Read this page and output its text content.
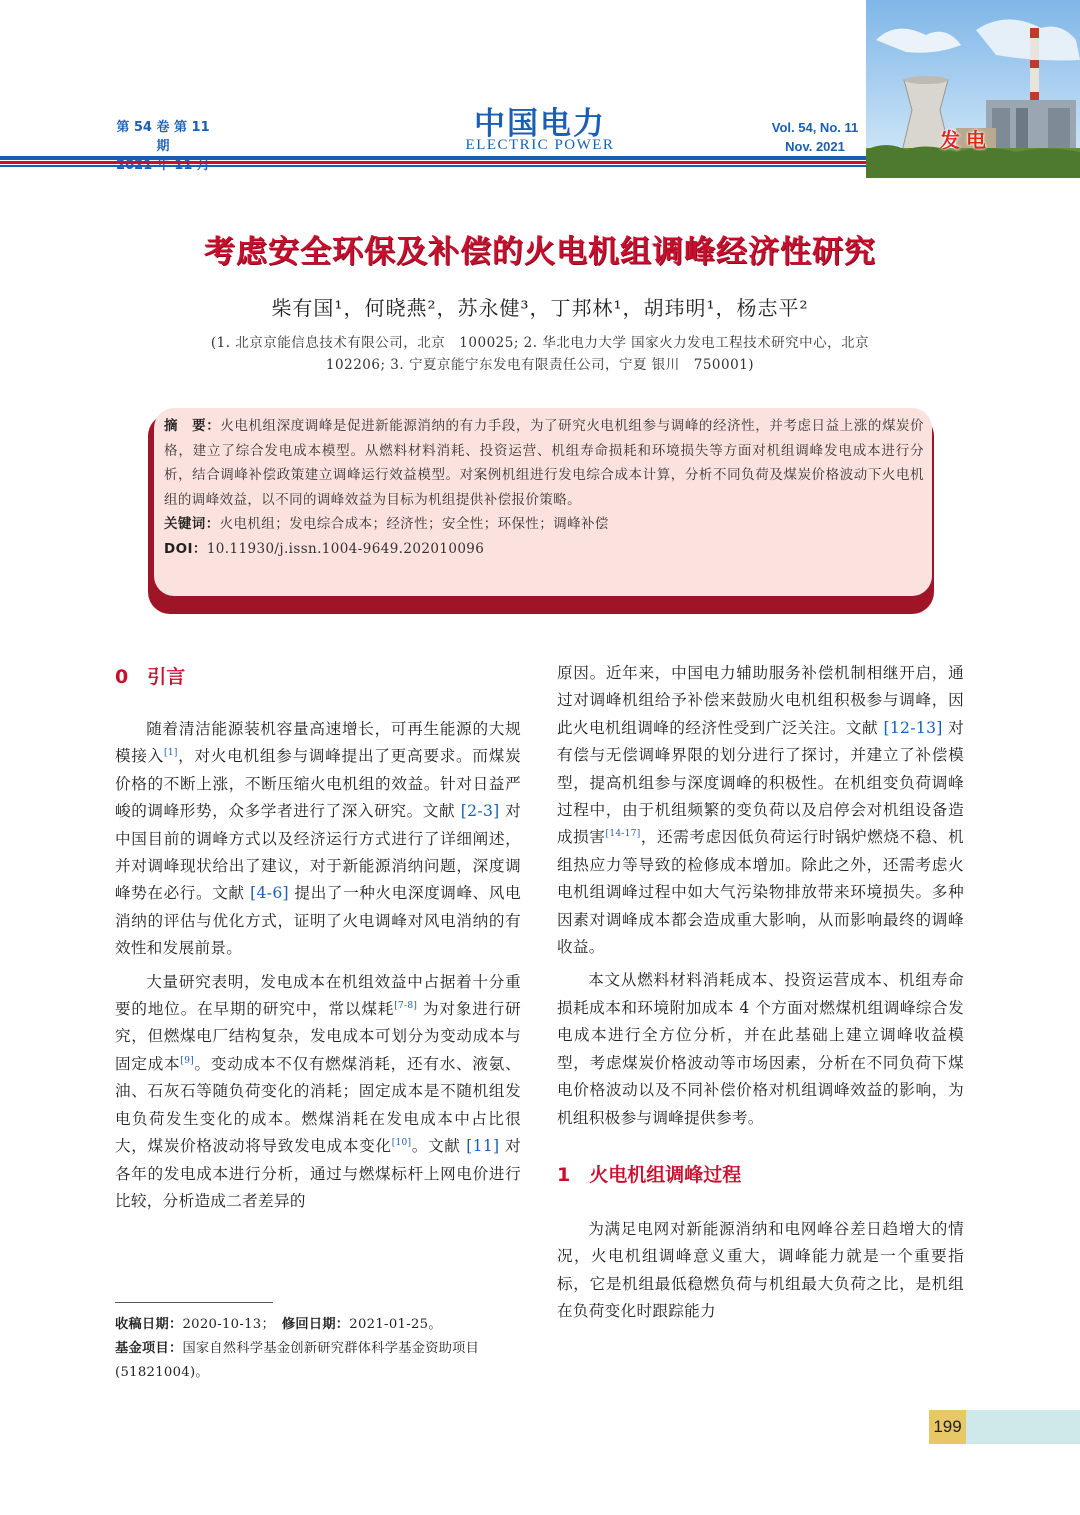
第 54 卷 第 11 期
中国电力
ELECTRIC POWER
Vol. 54, No. 11
Nov. 2021	发电
考虑安全环保及补偿的火电机组调峰经济性研究
柴有国¹，何晓燕²，苏永健³，丁邦林¹，胡玮明¹，杨志平²
(1. 北京京能信息技术有限公司，北京　100025; 2. 华北电力大学 国家火力发电工程技术研究中心，北京
102206; 3. 宁夏京能宁东发电有限责任公司，宁夏 银川　750001)

摘　要：火电机组深度调峰是促进新能源消纳的有力手段，为了研究火电机组参与调峰的经济性，并考虑日益上涨的煤炭价格，建立了综合发电成本模型。从燃料材料消耗、投资运营、机组寿命损耗和环境损失等方面对机组调峰发电成本进行分析，结合调峰补偿政策建立调峰运行效益模型。对案例机组进行发电综合成本计算，分析不同负荷及煤炭价格波动下火电机组的调峰效益，以不同的调峰效益为目标为机组提供补偿报价策略。

关键词：火电机组；发电综合成本；经济性；安全性；环保性；调峰补偿

DOI：10.11930/j.issn.1004-9649.202010096

0　引言

随着清洁能源装机容量高速增长，可再生能源的大规模接入[1]，对火电机组参与调峰提出了更高要求。而煤炭价格的不断上涨，不断压缩火电机组的效益。针对日益严峻的调峰形势，众多学者进行了深入研究。文献 [2-3] 对中国目前的调峰方式以及经济运行方式进行了详细阐述，并对调峰现状给出了建议，对于新能源消纳问题，深度调峰势在必行。文献 [4-6] 提出了一种火电深度调峰、风电消纳的评估与优化方式，证明了火电调峰对风电消纳的有效性和发展前景。

大量研究表明，发电成本在机组效益中占据着十分重要的地位。在早期的研究中，常以煤耗[7-8] 为对象进行研究，但燃煤电厂结构复杂，发电成本可划分为变动成本与固定成本[9]。变动成本不仅有燃煤消耗，还有水、液氨、油、石灰石等随负荷变化的消耗；固定成本是不随机组发电负荷发生变化的成本。燃煤消耗在发电成本中占比很大，煤炭价格波动将导致发电成本变化[10]。文献 [11] 对各年的发电成本进行分析，通过与燃煤标杆上网电价进行比较，分析造成二者差异的

原因。近年来，中国电力辅助服务补偿机制相继开启，通过对调峰机组给予补偿来鼓励火电机组积极参与调峰，因此火电机组调峰的经济性受到广泛关注。文献 [12-13] 对有偿与无偿调峰界限的划分进行了探讨，并建立了补偿模型，提高机组参与深度调峰的积极性。在机组变负荷调峰过程中，由于机组频繁的变负荷以及启停会对机组设备造成损害[14-17]，还需考虑因低负荷运行时锅炉燃烧不稳、机组热应力等导致的检修成本增加。除此之外，还需考虑火电机组调峰过程中如大气污染物排放带来环境损失。多种因素对调峰成本都会造成重大影响，从而影响最终的调峰收益。

本文从燃料材料消耗成本、投资运营成本、机组寿命损耗成本和环境附加成本 4 个方面对燃煤机组调峰综合发电成本进行全方位分析，并在此基础上建立调峰收益模型，考虑煤炭价格波动等市场因素，分析在不同负荷下煤电价格波动以及不同补偿价格对机组调峰效益的影响，为机组积极参与调峰提供参考。

1　火电机组调峰过程

为满足电网对新能源消纳和电网峰谷差日趋增大的情况，火电机组调峰意义重大，调峰能力就是一个重要指标，它是机组最低稳燃负荷与机组最大负荷之比，是机组在负荷变化时跟踪能力

收稿日期：2020-10-13；　 修回日期：2021-01-25。
基金项目：国家自然科学基金创新研究群体科学基金资助项目 (51821004)。
199
